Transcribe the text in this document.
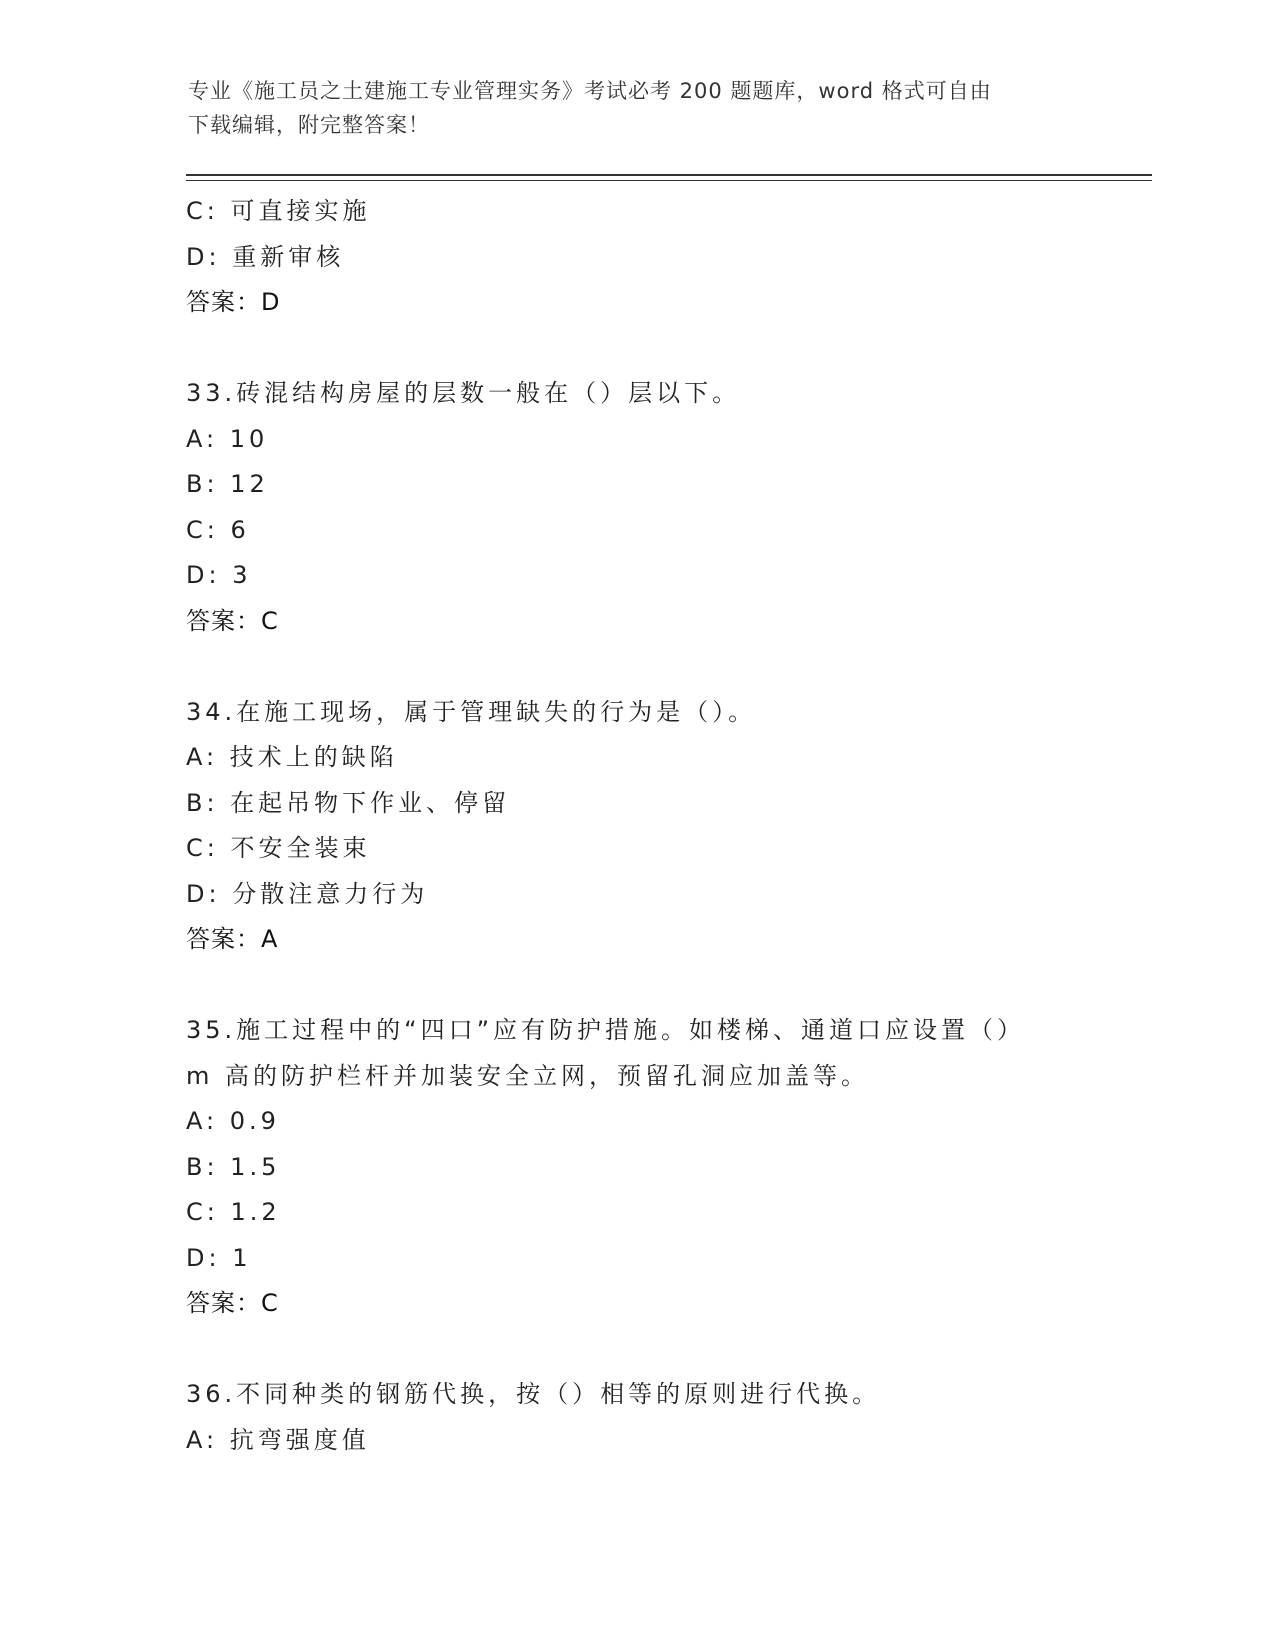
专业《施工员之土建施工专业管理实务》考试必考 200 题题库，word 格式可自由
下载编辑，附完整答案！
C: 可直接实施
D: 重新审核
答案：D
33.砖混结构房屋的层数一般在（）层以下。
A: 10
B: 12
C: 6
D: 3
答案：C
34.在施工现场，属于管理缺失的行为是（）。
A: 技术上的缺陷
B: 在起吊物下作业、停留
C: 不安全装束
D: 分散注意力行为
答案：A
35.施工过程中的“四口”应有防护措施。如楼梯、通道口应设置（）
m 高的防护栏杆并加装安全立网，预留孔洞应加盖等。
A: 0.9
B: 1.5
C: 1.2
D: 1
答案：C
36.不同种类的钢筋代换，按（）相等的原则进行代换。
A: 抗弯强度值
